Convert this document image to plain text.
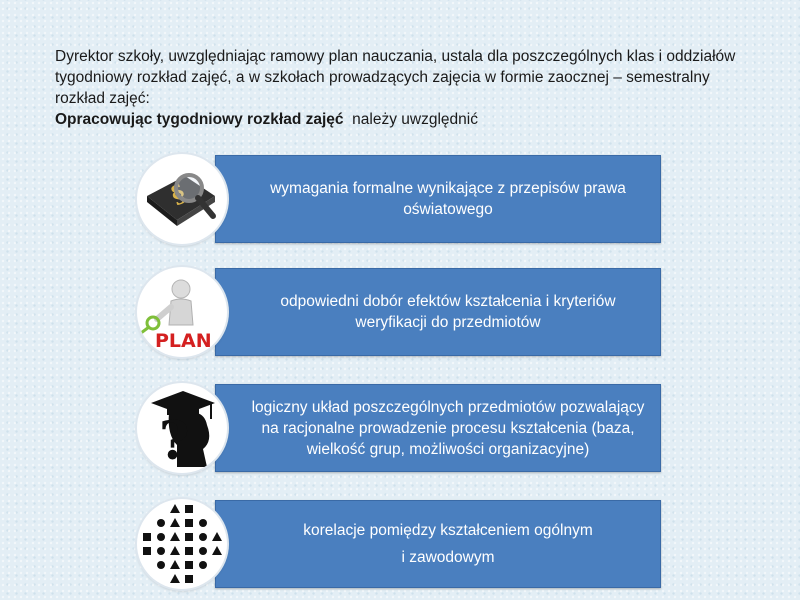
Dyrektor szkoły, uwzględniając ramowy plan nauczania, ustala dla poszczególnych klas i oddziałów tygodniowy rozkład zajęć, a w szkołach prowadzących zajęcia w formie zaocznej – semestralny rozkład zajęć:

Opracowując tygodniowy rozkład zajęć należy uwzględnić

wymagania formalne wynikające z przepisów prawa oświatowego
odpowiedni dobór efektów kształcenia i kryteriów weryfikacji do przedmiotów
PLAN
logiczny układ poszczególnych przedmiotów pozwalający na racjonalne prowadzenie procesu kształcenia (baza, wielkość grup, możliwości organizacyjne)
?
korelacje pomiędzy kształceniem ogólnym
i zawodowym
